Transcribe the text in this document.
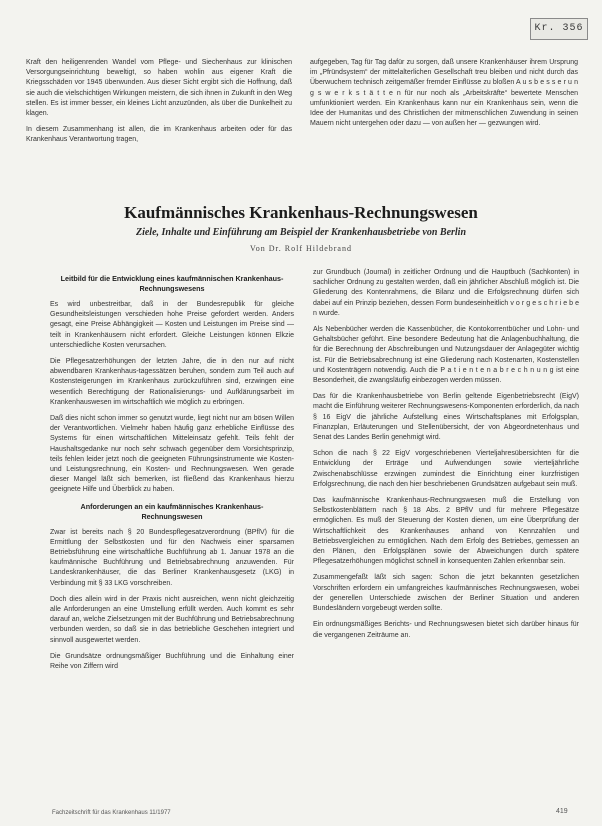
Kr. 356

Kraft den heiligenrenden Wandel vom Pflege- und Siechenhaus zur klinischen Versorgungseinrichtung beweltigt, so haben wohlin aus eigener Kraft die Kriegsschäden vor 1945 überwunden. Aus dieser Sicht ergibt sich die Hoffnung, daß sie auch die vielschichtigen Wirkungen meistern, die sich ihnen in Zukunft in den Weg stellen. Es ist immer besser, ein kleines Licht anzuzünden, als über die Dunkelheit zu klagen.

In diesem Zusammenhang ist allen, die im Krankenhaus arbeiten oder für das Krankenhaus Verantwortung tragen,

aufgegeben, Tag für Tag dafür zu sorgen, daß unsere Krankenhäuser ihrem Ursprung im „Pfründsystem“ der mittelalterlichen Gesellschaft treu bleiben und nicht durch das Überwuchern technisch zeitgemäßer fremder Einflüsse zu bloßen A u s b e s s e r u n g s w e r k s t ä t t e n für nur noch als „Arbeitskräfte“ bewertete Menschen umfunktioniert werden. Ein Krankenhaus kann nur ein Krankenhaus sein, wenn die Idee der Humanitas und des Christlichen der mitmenschlichen Zuwendung in seinen Mauern nicht untergehen oder dazu — von außen her — gezwungen wird.

Kaufmännisches Krankenhaus-Rechnungswesen
Ziele, Inhalte und Einführung am Beispiel der Krankenhausbetriebe von Berlin
Von Dr. Rolf Hildebrand
Leitbild für die Entwicklung eines kaufmännischen Krankenhaus-Rechnungswesens

Es wird unbestreitbar, daß in der Bundesrepublik für gleiche Gesundheitsleistungen verschieden hohe Preise gefordert werden. Anders gesagt, eine Preise Abhängigkeit — Kosten und Leistungen im Preise sind — teilt in Krankenhäusern nicht erfordert. Gleiche Leistungen können Elkzie unterschiedliche Kosten verursachen.

Die Pflegesatzerhöhungen der letzten Jahre, die in den nur auf nicht abwendbaren Krankenhaus-tagessätzen beruhen, sondern zum Teil auch auf Kostensteigerungen im Krankenhaus zurückzuführen sind, erzwingen eine wesentlich Berechtigung der Rationalisierungs- und Aufklärungsarbeit im Krankenhauswesen im wirtschaftlich wie möglich zu erbringen.

Daß dies nicht schon immer so genutzt wurde, liegt nicht nur am bösen Willen der Verantwortlichen. Vielmehr haben häufig ganz erhebliche Einflüsse des Systems für einen wirtschaftlichen Mitteleinsatz gefehlt. Teils fehlt der Haushaltsgedanke nur noch sehr schwach gegenüber dem Vorsichtsprinzip, teils fehlen leider jetzt noch die geeigneten Führungsinstrumente wie Kosten- und Leistungsrechnung, ein Kosten- und Rechnungswesen. Wen gerade dieser Mangel läßt sich bemerken, ist fließend das Krankenhaus hierzu geeignete Hilfe und Überblick zu haben.

Anforderungen an ein kaufmännisches Krankenhaus-Rechnungswesen

Zwar ist bereits nach § 20 Bundespflegesatzverordnung (BPflV) für die Ermittlung der Selbstkosten und für den Nachweis einer sparsamen Betriebsführung eine wirtschaftliche Buchführung ab 1. Januar 1978 an die kaufmännische Buchführung und Betriebsabrechnung anzuwenden. Für Landeskrankenhäuser, die das Berliner Krankenhausgesetz (LKG) in Verbindung mit § 33 LKG vorschreiben.

Doch dies allein wird in der Praxis nicht ausreichen, wenn nicht gleichzeitig alle Anforderungen an eine Umstellung erfüllt werden. Auch kommt es sehr darauf an, welche Zielsetzungen mit der Buchführung und Betriebsabrechnung verbunden werden, so daß sie in das betriebliche Geschehen integriert und sinnvoll ausgewertet werden.

Die Grundsätze ordnungsmäßiger Buchführung und die Einhaltung einer Reihe von Ziffern wird

zur Grundbuch (Journal) in zeitlicher Ordnung und die Hauptbuch (Sachkonten) in sachlicher Ordnung zu gestalten werden, daß ein jährlicher Abschluß möglich ist. Die Gliederung des Kontenrahmens, die Bilanz und die Erfolgsrechnung dürfen sich dabei auf ein Prinzip beziehen, dessen Form bundeseinheitlich v o r g e s c h r i e b e n wurde.

Als Nebenbücher werden die Kassenbücher, die Kontokorrentbücher und Lohn- und Gehaltsbücher geführt. Eine besondere Bedeutung hat die Anlagenbuchhaltung, die für die Berechnung der Abschreibungen und Nutzungsdauer der Anlagegüter wichtig ist. Für die Betriebsabrechnung ist eine Gliederung nach Kostenarten, Kostenstellen und Kostenträgern notwendig. Auch die P a t i e n t e n a b r e c h n u n g ist eine Besonderheit, die zwangsläufig einbezogen werden müssen.

Das für die Krankenhausbetriebe von Berlin geltende Eigenbetriebsrecht (EigV) macht die Einführung weiterer Rechnungswesens-Komponenten erforderlich, da nach § 16 EigV die jährliche Aufstellung eines Wirtschaftsplanes mit Erfolgsplan, Finanzplan, Erläuterungen und Stellenübersicht, der von Abgeordnetenhaus und Senat des Landes Berlin genehmigt wird.

Schon die nach § 22 EigV vorgeschriebenen Vierteljahresübersichten für die Entwicklung der Erträge und Aufwendungen sowie vierteljährliche Zwischenabschlüsse erzwingen zumindest die Einrichtung einer kurzfristigen Erfolgsrechnung, die nach den hier beschriebenen Grundsätzen aufgebaut sein muß.

Das kaufmännische Krankenhaus-Rechnungswesen muß die Erstellung von Selbstkostenblättern nach § 18 Abs. 2 BPflV und für mehrere Pflegesätze ermöglichen. Es muß der Steuerung der Kosten dienen, um eine Überprüfung der Wirtschaftlichkeit des Krankenhauses anhand von Kennzahlen und Betriebsvergleichen zu ermöglichen. Nach dem Erfolg des Betriebes, gemessen an den Plänen, den Erfolgsplänen sowie der Abweichungen durch spätere Pflegesatzerhöhungen möglichst schnell in konsequenten Zahlen erkennbar sein.

Zusammengefaßt läßt sich sagen: Schon die jetzt bekannten gesetzlichen Vorschriften erfordern ein umfangreiches kaufmännisches Rechnungswesen, wobei der generellen Unterschiede zwischen der Berliner Situation und anderen Bundesländern vorgebeugt werden sollte.

Ein ordnungsmäßiges Berichts- und Rechnungswesen bietet sich darüber hinaus für die vergangenen Zeiträume an.

Fachzeitschrift für das Krankenhaus 11/1977	419
